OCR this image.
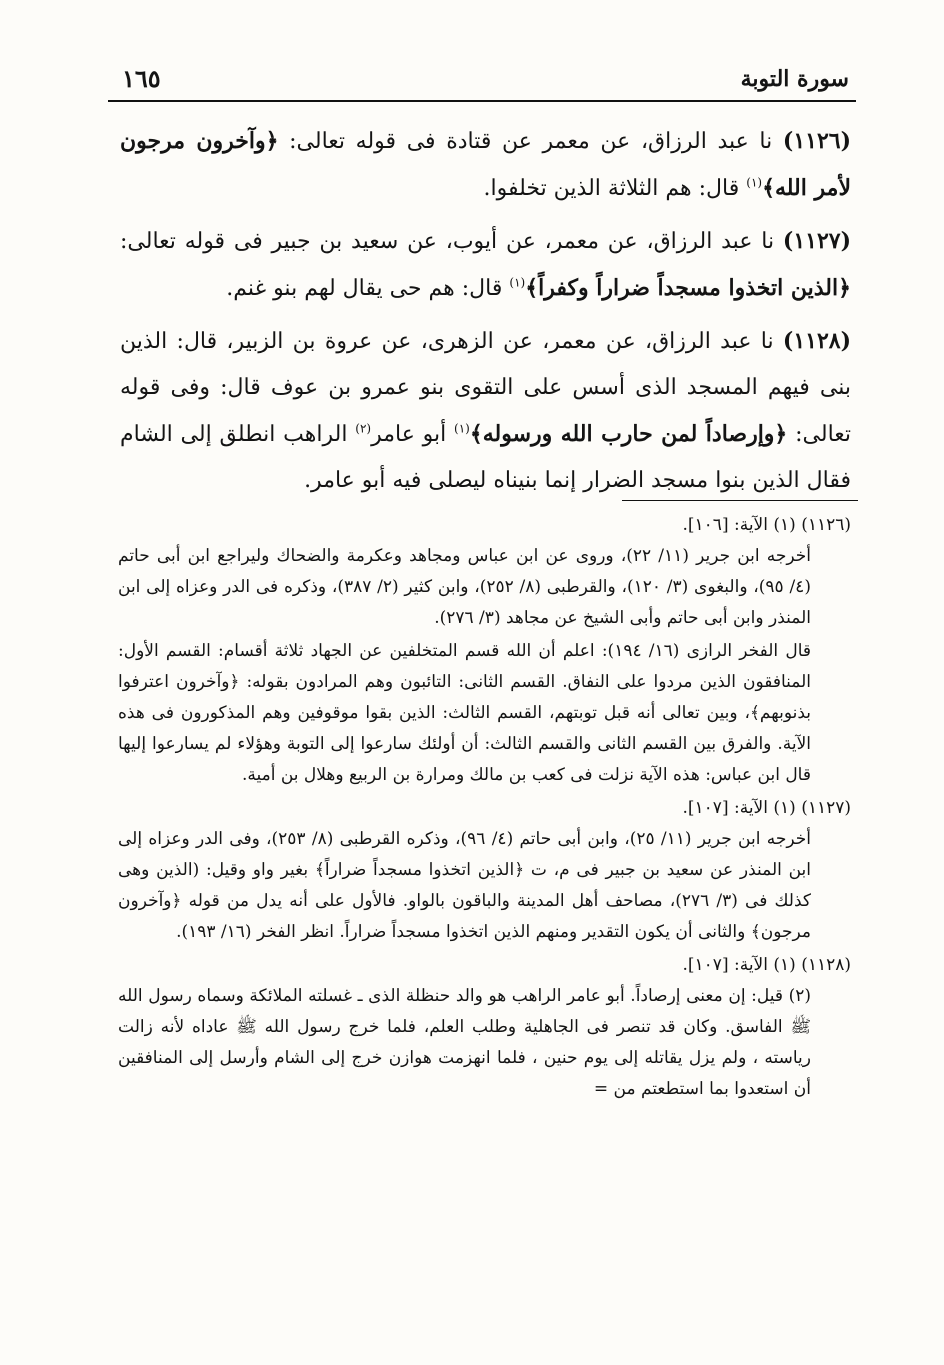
سورة التوبة
١٦٥

(١١٢٦) نا عبد الرزاق، عن معمر عن قتادة فى قوله تعالى: ﴿وآخرون مرجون لأمر الله﴾$^{(١)}$ قال: هم الثلاثة الذين تخلفوا.

(١١٢٧) نا عبد الرزاق، عن معمر، عن أيوب، عن سعيد بن جبير فى قوله تعالى: ﴿الذين اتخذوا مسجداً ضراراً وكفراً﴾$^{(١)}$ قال: هم حى يقال لهم بنو غنم.

(١١٢٨) نا عبد الرزاق، عن معمر، عن الزهرى، عن عروة بن الزبير، قال: الذين بنى فيهم المسجد الذى أسس على التقوى بنو عمرو بن عوف قال: وفى قوله تعالى: ﴿وإرصاداً لمن حارب الله ورسوله﴾$^{(١)}$ أبو عامر$^{(٢)}$ الراهب انطلق إلى الشام فقال الذين بنوا مسجد الضرار إنما بنيناه ليصلى فيه أبو عامر.

(١١٢٦) (١) الآية: [١٠٦].

أخرجه ابن جرير (١١/ ٢٢)، وروى عن ابن عباس ومجاهد وعكرمة والضحاك وليراجع ابن أبى حاتم (٤/ ٩٥)، والبغوى (٣/ ١٢٠)، والقرطبى (٨/ ٢٥٢)، وابن كثير (٢/ ٣٨٧)، وذكره فى الدر وعزاه إلى ابن المنذر وابن أبى حاتم وأبى الشيخ عن مجاهد (٣/ ٢٧٦).

قال الفخر الرازى (١٦/ ١٩٤): اعلم أن الله قسم المتخلفين عن الجهاد ثلاثة أقسام: القسم الأول: المنافقون الذين مردوا على النفاق. القسم الثانى: التائبون وهم المرادون بقوله: ﴿وآخرون اعترفوا بذنوبهم﴾، وبين تعالى أنه قبل توبتهم، القسم الثالث: الذين بقوا موقوفين وهم المذكورون فى هذه الآية. والفرق بين القسم الثانى والقسم الثالث: أن أولئك سارعوا إلى التوبة وهؤلاء لم يسارعوا إليها قال ابن عباس: هذه الآية نزلت فى كعب بن مالك ومرارة بن الربيع وهلال بن أمية.

(١١٢٧) (١) الآية: [١٠٧].

أخرجه ابن جرير (١١/ ٢٥)، وابن أبى حاتم (٤/ ٩٦)، وذكره القرطبى (٨/ ٢٥٣)، وفى الدر وعزاه إلى ابن المنذر عن سعيد بن جبير فى م، ت ﴿الذين اتخذوا مسجداً ضراراً﴾ بغير واو وقيل: (الذين وهى كذلك فى (٣/ ٢٧٦)، مصاحف أهل المدينة والباقون بالواو. فالأول على أنه يدل من قوله ﴿وآخرون مرجون﴾ والثانى أن يكون التقدير ومنهم الذين اتخذوا مسجداً ضراراً. انظر الفخر (١٦/ ١٩٣).

(١١٢٨) (١) الآية: [١٠٧].

(٢) قيل: إن معنى إرصاداً. أبو عامر الراهب هو والد حنظلة الذى ـ غسلته الملائكة وسماه رسول الله ﷺ الفاسق. وكان قد تنصر فى الجاهلية وطلب العلم، فلما خرج رسول الله ﷺ عاداه لأنه زالت رياسته ، ولم يزل يقاتله إلى يوم حنين ، فلما انهزمت هوازن خرج إلى الشام وأرسل إلى المنافقين أن استعدوا بما استطعتم من =
